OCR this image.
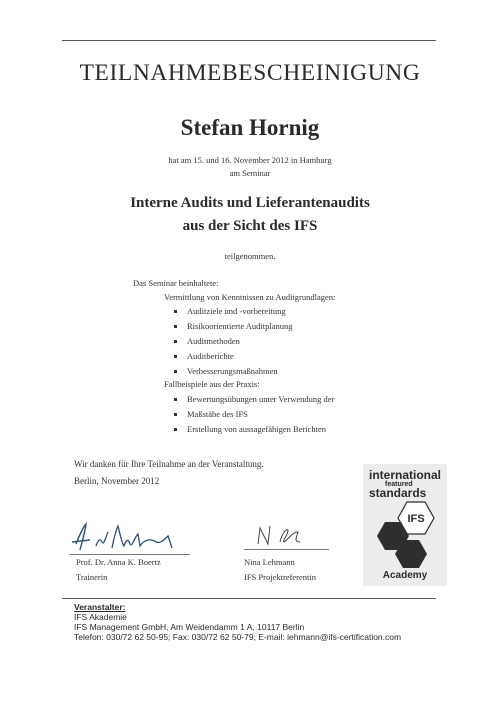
TEILNAHMEBESCHEINIGUNG
Stefan Hornig
hat am 15. und 16. November 2012 in Hamburg
am Seminar
Interne Audits und Lieferantenaudits
aus der Sicht des IFS
teilgenommen.
Das Seminar beinhaltete:
Vermittlung von Kenntnissen zu Auditgrundlagen:
Auditziele und -vorbereitung
Risikoorientierte Auditplanung
Auditmethoden
Auditberichte
Verbesserungsmaßnahmen
Fallbeispiele aus der Praxis:
Bewertungsübungen unter Verwendung der
Maßstäbe des IFS
Erstellung von aussagefähigen Berichten
Wir danken für Ihre Teilnahme an der Veranstaltung.
Berlin, November 2012
Prof. Dr. Anna K. Boertz
Trainerin
Nina Lehmann
IFS Projektreferentin
international
featured
standards
IFS
Academy
Veranstalter:
IFS Akademie
IFS Management GmbH, Am Weidendamm 1 A, 10117 Berlin
Telefon: 030/72 62 50-95; Fax: 030/72 62 50-79; E-mail: lehmann@ifs-certification.com
